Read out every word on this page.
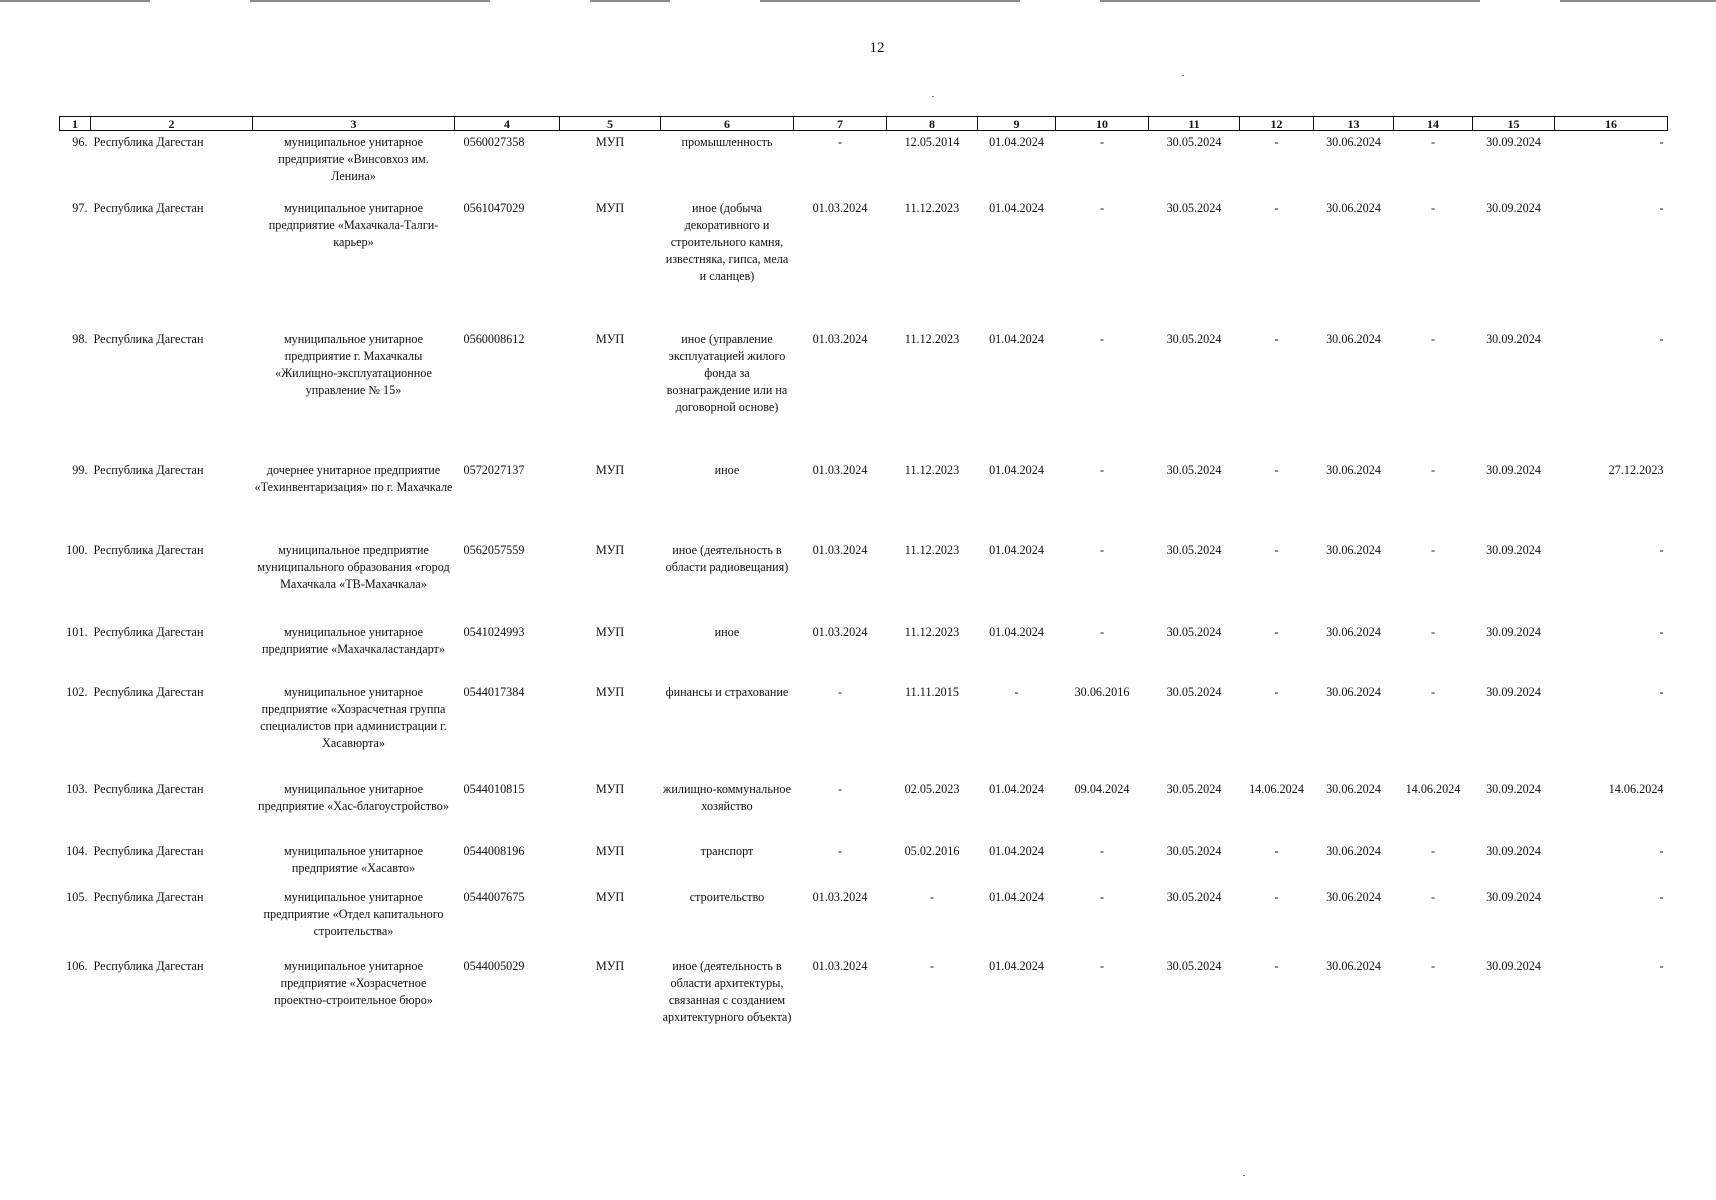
12
1	2	3	4	5	6	7	8	9	10	11	12	13	14	15	16
96.	Республика Дагестан	муниципальное унитарное предприятие «Винсовхоз им. Ленина»	0560027358	МУП	промышленность	-	12.05.2014	01.04.2024	-	30.05.2024	-	30.06.2024	-	30.09.2024	-
97.	Республика Дагестан	муниципальное унитарное предприятие «Махачкала-Талги-карьер»	0561047029	МУП	иное (добыча декоративного и строительного камня, известняка, гипса, мела и сланцев)	01.03.2024	11.12.2023	01.04.2024	-	30.05.2024	-	30.06.2024	-	30.09.2024	-
98.	Республика Дагестан	муниципальное унитарное предприятие г. Махачкалы «Жилищно-эксплуатационное управление № 15»	0560008612	МУП	иное (управление эксплуатацией жилого фонда за вознаграждение или на договорной основе)	01.03.2024	11.12.2023	01.04.2024	-	30.05.2024	-	30.06.2024	-	30.09.2024	-
99.	Республика Дагестан	дочернее унитарное предприятие «Техинвентаризация» по г. Махачкале	0572027137	МУП	иное	01.03.2024	11.12.2023	01.04.2024	-	30.05.2024	-	30.06.2024	-	30.09.2024	27.12.2023
100.	Республика Дагестан	муниципальное предприятие муниципального образования «город Махачкала «ТВ-Махачкала»	0562057559	МУП	иное (деятельность в области радиовещания)	01.03.2024	11.12.2023	01.04.2024	-	30.05.2024	-	30.06.2024	-	30.09.2024	-
101.	Республика Дагестан	муниципальное унитарное предприятие «Махачкаластандарт»	0541024993	МУП	иное	01.03.2024	11.12.2023	01.04.2024	-	30.05.2024	-	30.06.2024	-	30.09.2024	-
102.	Республика Дагестан	муниципальное унитарное предприятие «Хозрасчетная группа специалистов при администрации г. Хасавюрта»	0544017384	МУП	финансы и страхование	-	11.11.2015	-	30.06.2016	30.05.2024	-	30.06.2024	-	30.09.2024	-
103.	Республика Дагестан	муниципальное унитарное предприятие «Хас-благоустройство»	0544010815	МУП	жилищно-коммунальное хозяйство	-	02.05.2023	01.04.2024	09.04.2024	30.05.2024	14.06.2024	30.06.2024	14.06.2024	30.09.2024	14.06.2024
104.	Республика Дагестан	муниципальное унитарное предприятие «Хасавто»	0544008196	МУП	транспорт	-	05.02.2016	01.04.2024	-	30.05.2024	-	30.06.2024	-	30.09.2024	-
105.	Республика Дагестан	муниципальное унитарное предприятие «Отдел капитального строительства»	0544007675	МУП	строительство	01.03.2024	-	01.04.2024	-	30.05.2024	-	30.06.2024	-	30.09.2024	-
106.	Республика Дагестан	муниципальное унитарное предприятие «Хозрасчетное проектно-строительное бюро»	0544005029	МУП	иное (деятельность в области архитектуры, связанная с созданием архитектурного объекта)	01.03.2024	-	01.04.2024	-	30.05.2024	-	30.06.2024	-	30.09.2024	-
